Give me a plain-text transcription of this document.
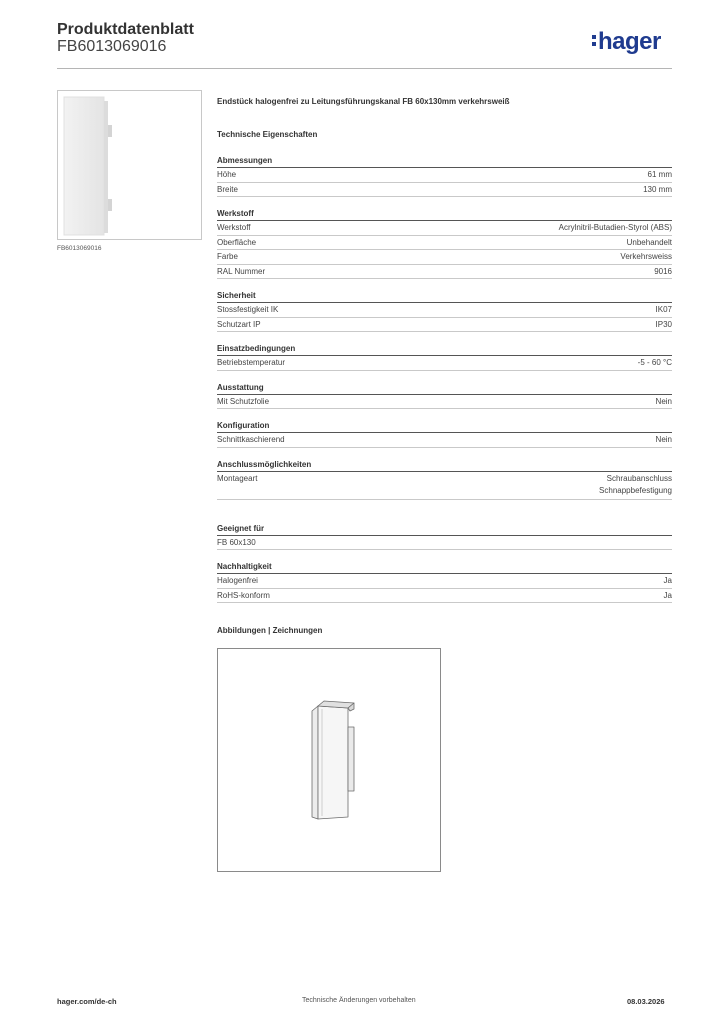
Produktdatenblatt
FB6013069016	hager
FB6013069016
Endstück halogenfrei zu Leitungsführungskanal FB 60x130mm verkehrsweiß
Technische Eigenschaften
Abmessungen
Höhe	61 mm
Breite	130 mm
Werkstoff
Werkstoff	Acrylnitril-Butadien-Styrol (ABS)
Oberfläche	Unbehandelt
Farbe	Verkehrsweiss
RAL Nummer	9016
Sicherheit
Stossfestigkeit IK	IK07
Schutzart IP	IP30
Einsatzbedingungen
Betriebstemperatur	-5 - 60 °C
Ausstattung
Mit Schutzfolie	Nein
Konfiguration
Schnittkaschierend	Nein
Anschlussmöglichkeiten
Montageart	Schraubanschluss
Schnappbefestigung
Geeignet für
FB 60x130
Nachhaltigkeit
Halogenfrei	Ja
RoHS-konform	Ja
Abbildungen | Zeichnungen
hager.com/de-ch	Technische Änderungen vorbehalten	08.03.2026
